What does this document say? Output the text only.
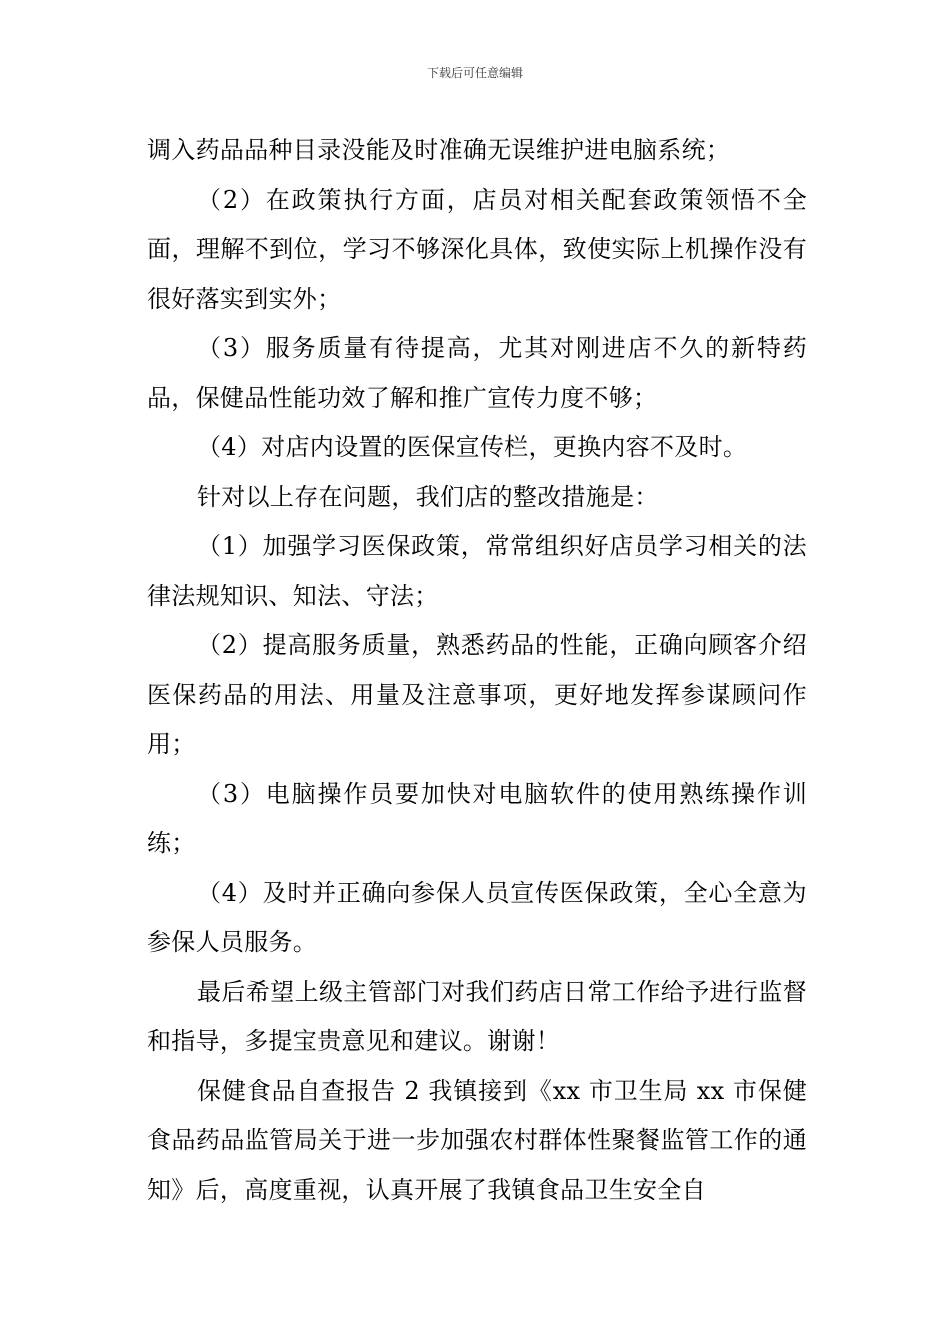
下载后可任意编辑

调入药品品种目录没能及时准确无误维护进电脑系统；

（2）在政策执行方面，店员对相关配套政策领悟不全面，理解不到位，学习不够深化具体，致使实际上机操作没有很好落实到实外；

（3）服务质量有待提高，尤其对刚进店不久的新特药品，保健品性能功效了解和推广宣传力度不够；

（4）对店内设置的医保宣传栏，更换内容不及时。

针对以上存在问题，我们店的整改措施是：

（1）加强学习医保政策，常常组织好店员学习相关的法律法规知识、知法、守法；

（2）提高服务质量，熟悉药品的性能，正确向顾客介绍医保药品的用法、用量及注意事项，更好地发挥参谋顾问作用；

（3）电脑操作员要加快对电脑软件的使用熟练操作训练；

（4）及时并正确向参保人员宣传医保政策，全心全意为参保人员服务。

最后希望上级主管部门对我们药店日常工作给予进行监督和指导，多提宝贵意见和建议。谢谢！

保健食品自查报告 2 我镇接到《xx 市卫生局 xx 市保健食品药品监管局关于进一步加强农村群体性聚餐监管工作的通知》后，高度重视，认真开展了我镇食品卫生安全自
